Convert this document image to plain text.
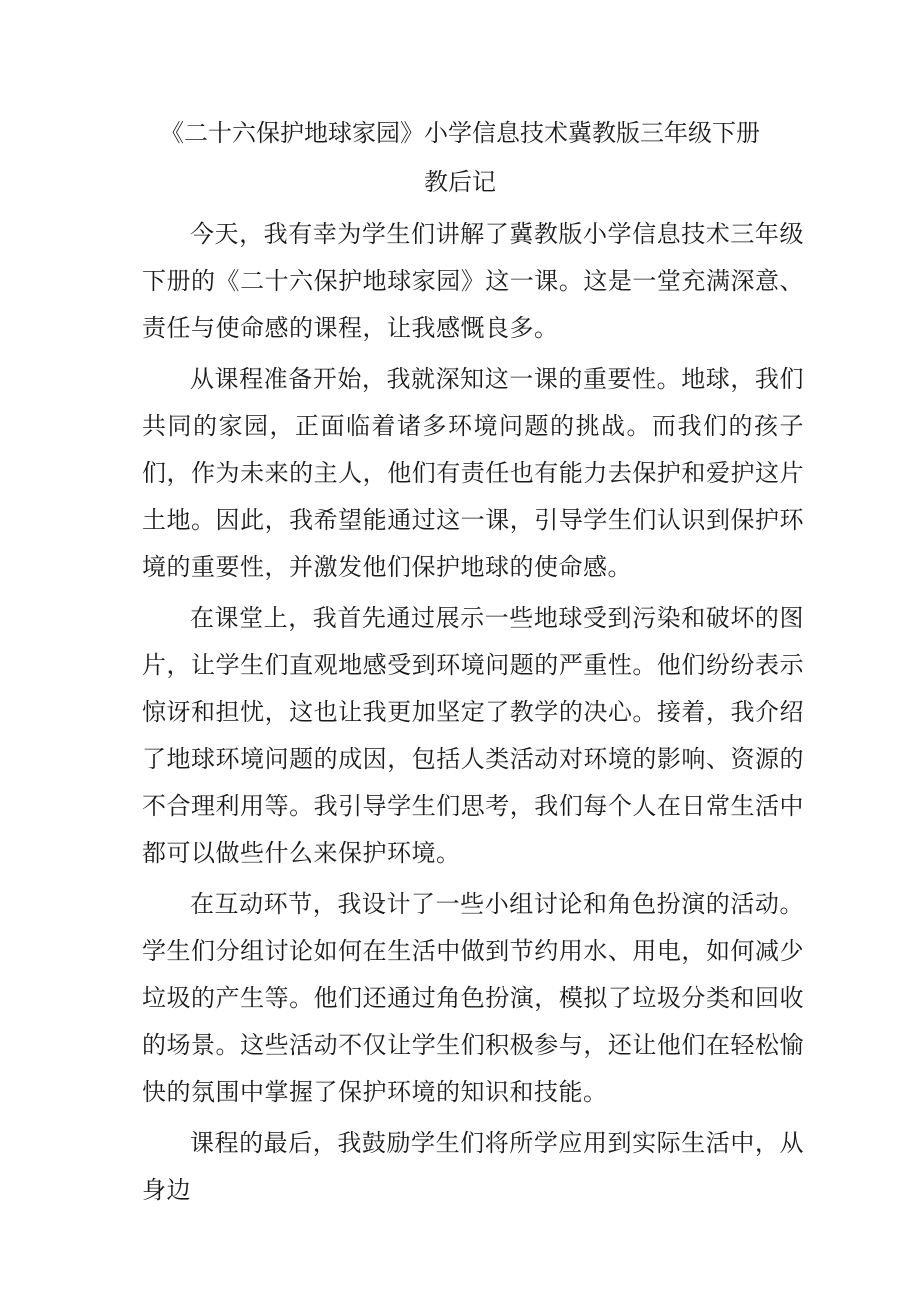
《二十六保护地球家园》小学信息技术冀教版三年级下册
教后记

今天，我有幸为学生们讲解了冀教版小学信息技术三年级下册的《二十六保护地球家园》这一课。这是一堂充满深意、责任与使命感的课程，让我感慨良多。

从课程准备开始，我就深知这一课的重要性。地球，我们共同的家园，正面临着诸多环境问题的挑战。而我们的孩子们，作为未来的主人，他们有责任也有能力去保护和爱护这片土地。因此，我希望能通过这一课，引导学生们认识到保护环境的重要性，并激发他们保护地球的使命感。

在课堂上，我首先通过展示一些地球受到污染和破坏的图片，让学生们直观地感受到环境问题的严重性。他们纷纷表示惊讶和担忧，这也让我更加坚定了教学的决心。接着，我介绍了地球环境问题的成因，包括人类活动对环境的影响、资源的不合理利用等。我引导学生们思考，我们每个人在日常生活中都可以做些什么来保护环境。

在互动环节，我设计了一些小组讨论和角色扮演的活动。学生们分组讨论如何在生活中做到节约用水、用电，如何减少垃圾的产生等。他们还通过角色扮演，模拟了垃圾分类和回收的场景。这些活动不仅让学生们积极参与，还让他们在轻松愉快的氛围中掌握了保护环境的知识和技能。

课程的最后，我鼓励学生们将所学应用到实际生活中，从身边
